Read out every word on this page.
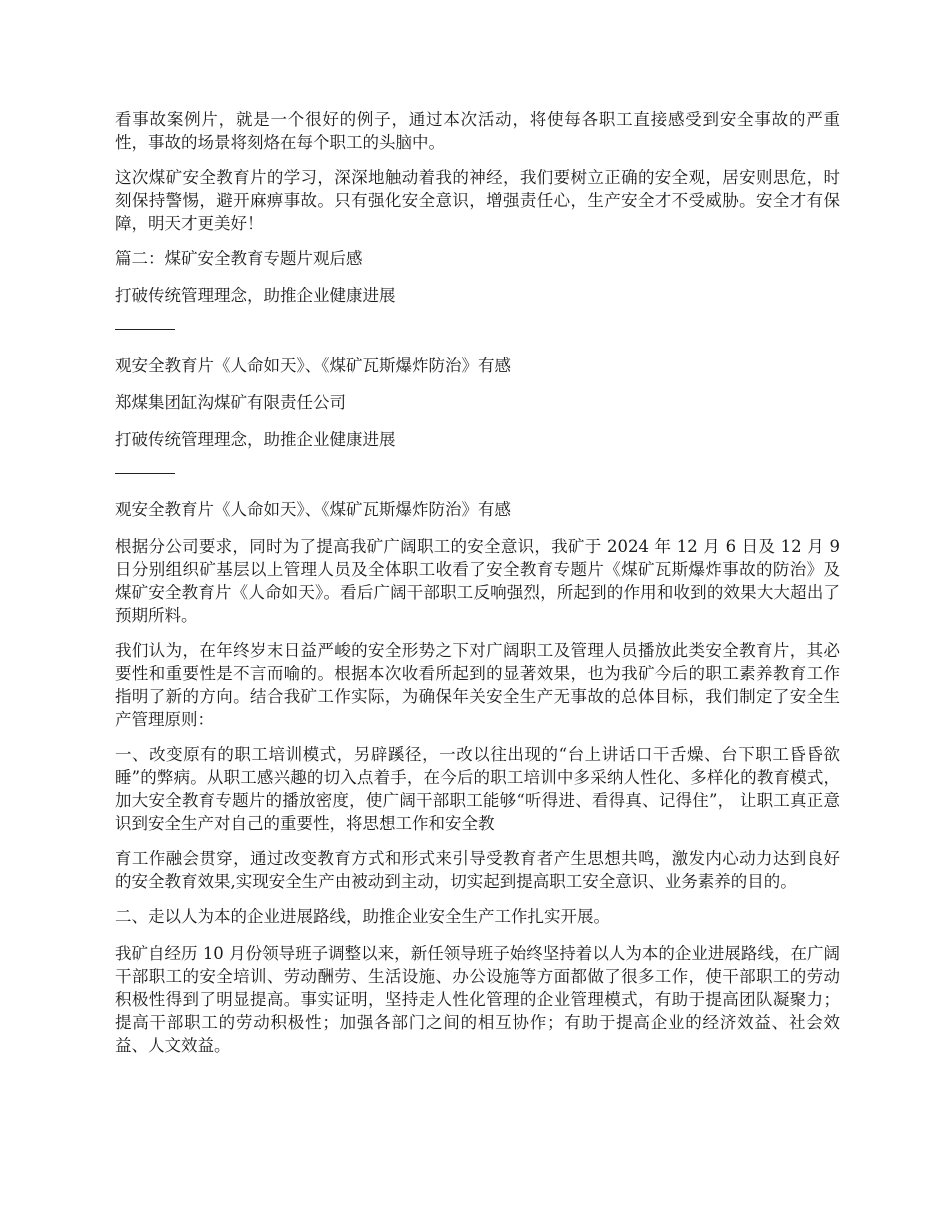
看事故案例片，就是一个很好的例子，通过本次活动，将使每各职工直接感受到安全事故的严重性，事故的场景将刻烙在每个职工的头脑中。

这次煤矿安全教育片的学习，深深地触动着我的神经，我们要树立正确的安全观，居安则思危，时刻保持警惕，避开麻痹事故。只有强化安全意识，增强责任心，生产安全才不受威胁。安全才有保障，明天才更美好！

篇二：煤矿安全教育专题片观后感

打破传统管理理念，助推企业健康进展

观安全教育片《人命如天》、《煤矿瓦斯爆炸防治》有感

郑煤集团缸沟煤矿有限责任公司

打破传统管理理念，助推企业健康进展

观安全教育片《人命如天》、《煤矿瓦斯爆炸防治》有感

根据分公司要求，同时为了提高我矿广阔职工的安全意识，我矿于 2024 年 12 月 6 日及 12 月 9 日分别组织矿基层以上管理人员及全体职工收看了安全教育专题片《煤矿瓦斯爆炸事故的防治》及煤矿安全教育片《人命如天》。看后广阔干部职工反响强烈，所起到的作用和收到的效果大大超出了预期所料。

我们认为，在年终岁末日益严峻的安全形势之下对广阔职工及管理人员播放此类安全教育片，其必要性和重要性是不言而喻的。根据本次收看所起到的显著效果，也为我矿今后的职工素养教育工作指明了新的方向。结合我矿工作实际，为确保年关安全生产无事故的总体目标，我们制定了安全生产管理原则：

一、改变原有的职工培训模式，另辟蹊径，一改以往出现的“台上讲话口干舌燥、台下职工昏昏欲睡”的弊病。从职工感兴趣的切入点着手，在今后的职工培训中多采纳人性化、多样化的教育模式， 加大安全教育专题片的播放密度，使广阔干部职工能够“听得进、看得真、记得住”， 让职工真正意识到安全生产对自己的重要性，将思想工作和安全教

育工作融会贯穿，通过改变教育方式和形式来引导受教育者产生思想共鸣，激发内心动力达到良好的安全教育效果,实现安全生产由被动到主动，切实起到提高职工安全意识、业务素养的目的。

二、走以人为本的企业进展路线，助推企业安全生产工作扎实开展。

我矿自经历 10 月份领导班子调整以来，新任领导班子始终坚持着以人为本的企业进展路线，在广阔干部职工的安全培训、劳动酬劳、生活设施、办公设施等方面都做了很多工作，使干部职工的劳动积极性得到了明显提高。事实证明，坚持走人性化管理的企业管理模式，有助于提高团队凝聚力；提高干部职工的劳动积极性；加强各部门之间的相互协作；有助于提高企业的经济效益、社会效益、人文效益。
